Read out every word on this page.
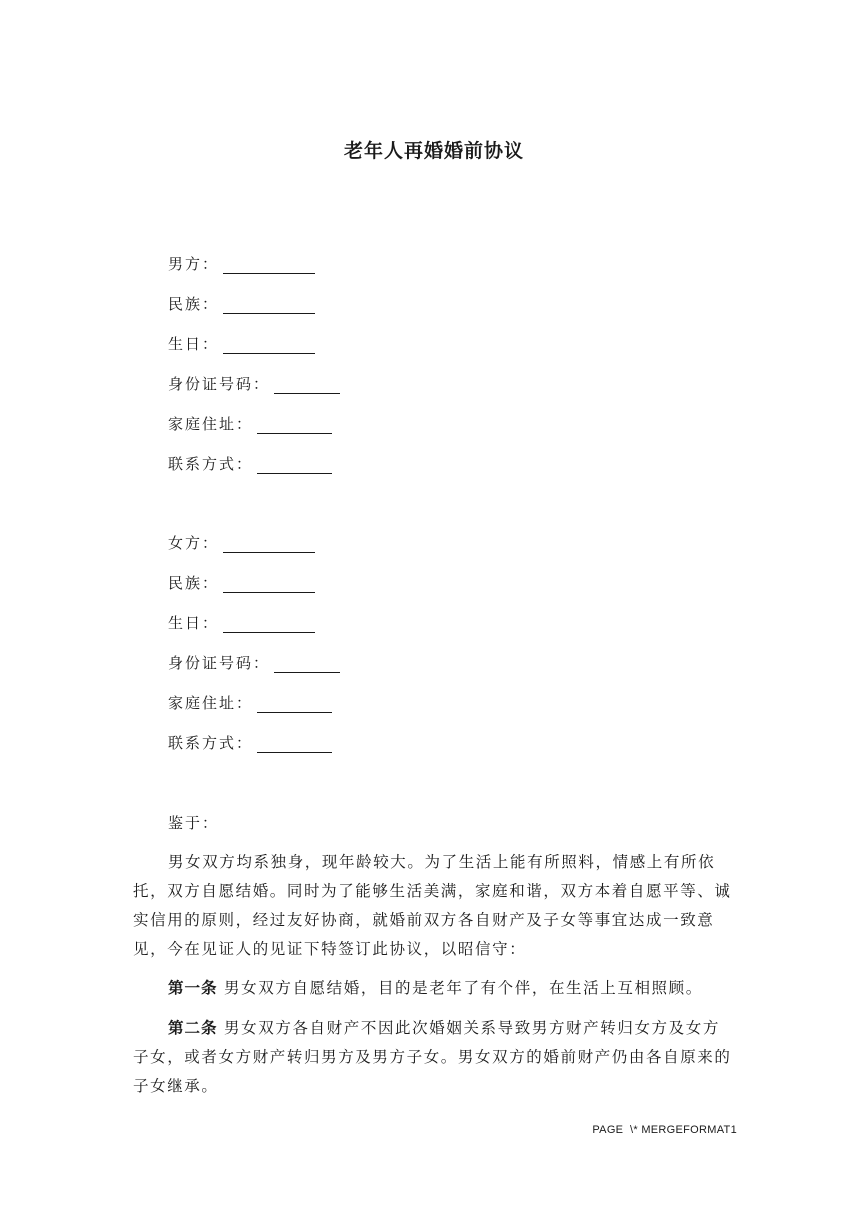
老年人再婚婚前协议
男方：
民族：
生日：
身份证号码：
家庭住址：
联系方式：
女方：
民族：
生日：
身份证号码：
家庭住址：
联系方式：
鉴于：

男女双方均系独身，现年龄较大。为了生活上能有所照料，情感上有所依托，双方自愿结婚。同时为了能够生活美满，家庭和谐，双方本着自愿平等、诚实信用的原则，经过友好协商，就婚前双方各自财产及子女等事宜达成一致意见，今在见证人的见证下特签订此协议，以昭信守：

第一条 男女双方自愿结婚，目的是老年了有个伴，在生活上互相照顾。

第二条 男女双方各自财产不因此次婚姻关系导致男方财产转归女方及女方子女，或者女方财产转归男方及男方子女。男女双方的婚前财产仍由各自原来的子女继承。

PAGE  \* MERGEFORMAT1
